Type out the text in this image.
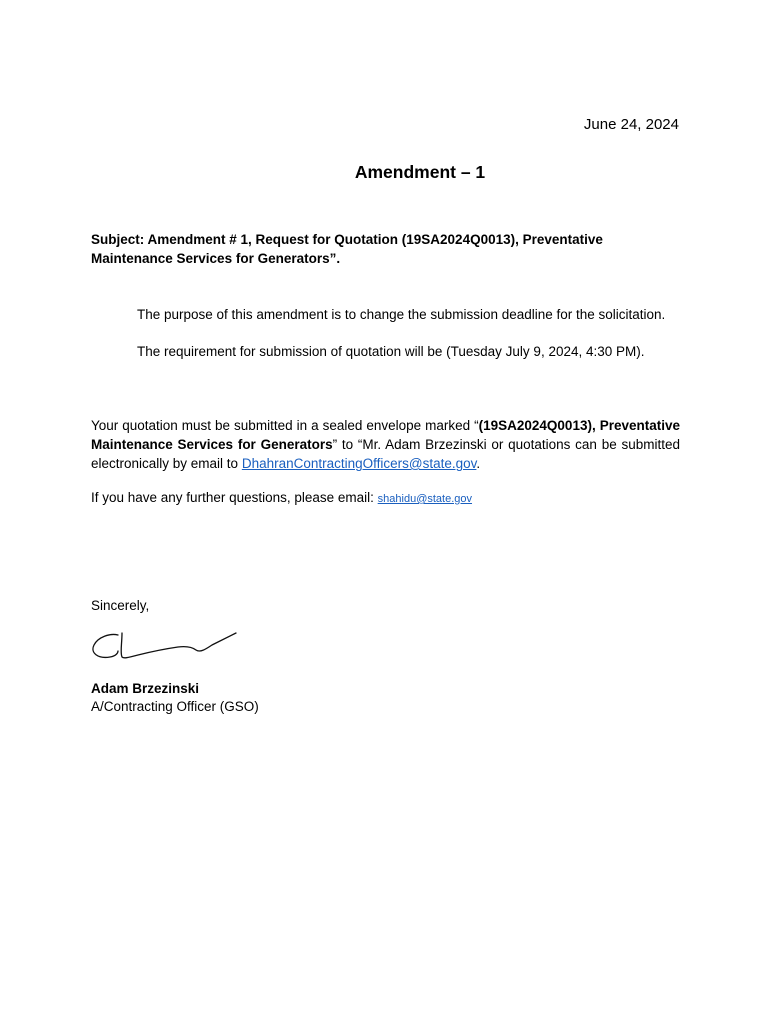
June 24, 2024
Amendment – 1
Subject: Amendment # 1, Request for Quotation (19SA2024Q0013), Preventative Maintenance Services for Generators”.
The purpose of this amendment is to change the submission deadline for the solicitation.
The requirement for submission of quotation will be (Tuesday July 9, 2024, 4:30 PM).
Your quotation must be submitted in a sealed envelope marked “(19SA2024Q0013), Preventative Maintenance Services for Generators” to “Mr. Adam Brzezinski or quotations can be submitted electronically by email to DhahranContractingOfficers@state.gov.
If you have any further questions, please email: shahidu@state.gov
Sincerely,
Adam Brzezinski
A/Contracting Officer (GSO)
